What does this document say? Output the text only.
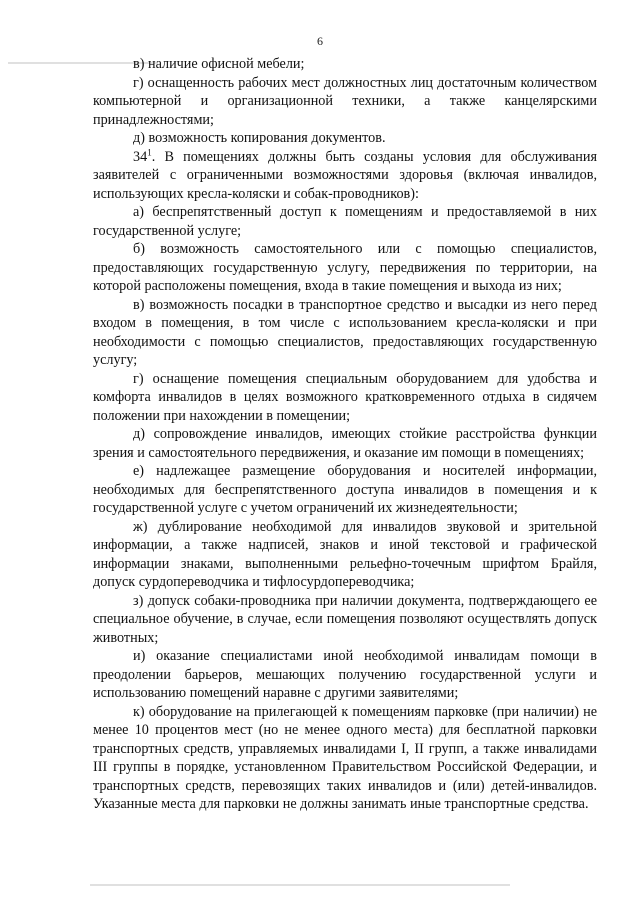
6

в) наличие офисной мебели;

г) оснащенность рабочих мест должностных лиц достаточным количеством компьютерной и организационной техники, а также канцелярскими принадлежностями;

д) возможность копирования документов.

$34^1$. В помещениях должны быть созданы условия для обслуживания заявителей с ограниченными возможностями здоровья (включая инвалидов, использующих кресла-коляски и собак-проводников):

а) беспрепятственный доступ к помещениям и предоставляемой в них государственной услуге;

б) возможность самостоятельного или с помощью специалистов, предоставляющих государственную услугу, передвижения по территории, на которой расположены помещения, входа в такие помещения и выхода из них;

в) возможность посадки в транспортное средство и высадки из него перед входом в помещения, в том числе с использованием кресла-коляски и при необходимости с помощью специалистов, предоставляющих государственную услугу;

г) оснащение помещения специальным оборудованием для удобства и комфорта инвалидов в целях возможного кратковременного отдыха в сидячем положении при нахождении в помещении;

д) сопровождение инвалидов, имеющих стойкие расстройства функции зрения и самостоятельного передвижения, и оказание им помощи в помещениях;

е) надлежащее размещение оборудования и носителей информации, необходимых для беспрепятственного доступа инвалидов в помещения и к государственной услуге с учетом ограничений их жизнедеятельности;

ж) дублирование необходимой для инвалидов звуковой и зрительной информации, а также надписей, знаков и иной текстовой и графической информации знаками, выполненными рельефно-точечным шрифтом Брайля, допуск сурдопереводчика и тифлосурдопереводчика;

з) допуск собаки-проводника при наличии документа, подтверждающего ее специальное обучение, в случае, если помещения позволяют осуществлять допуск животных;

и) оказание специалистами иной необходимой инвалидам помощи в преодолении барьеров, мешающих получению государственной услуги и использованию помещений наравне с другими заявителями;

к) оборудование на прилегающей к помещениям парковке (при наличии) не менее 10 процентов мест (но не менее одного места) для бесплатной парковки транспортных средств, управляемых инвалидами I, II групп, а также инвалидами III группы в порядке, установленном Правительством Российской Федерации, и транспортных средств, перевозящих таких инвалидов и (или) детей-инвалидов. Указанные места для парковки не должны занимать иные транспортные средства.
